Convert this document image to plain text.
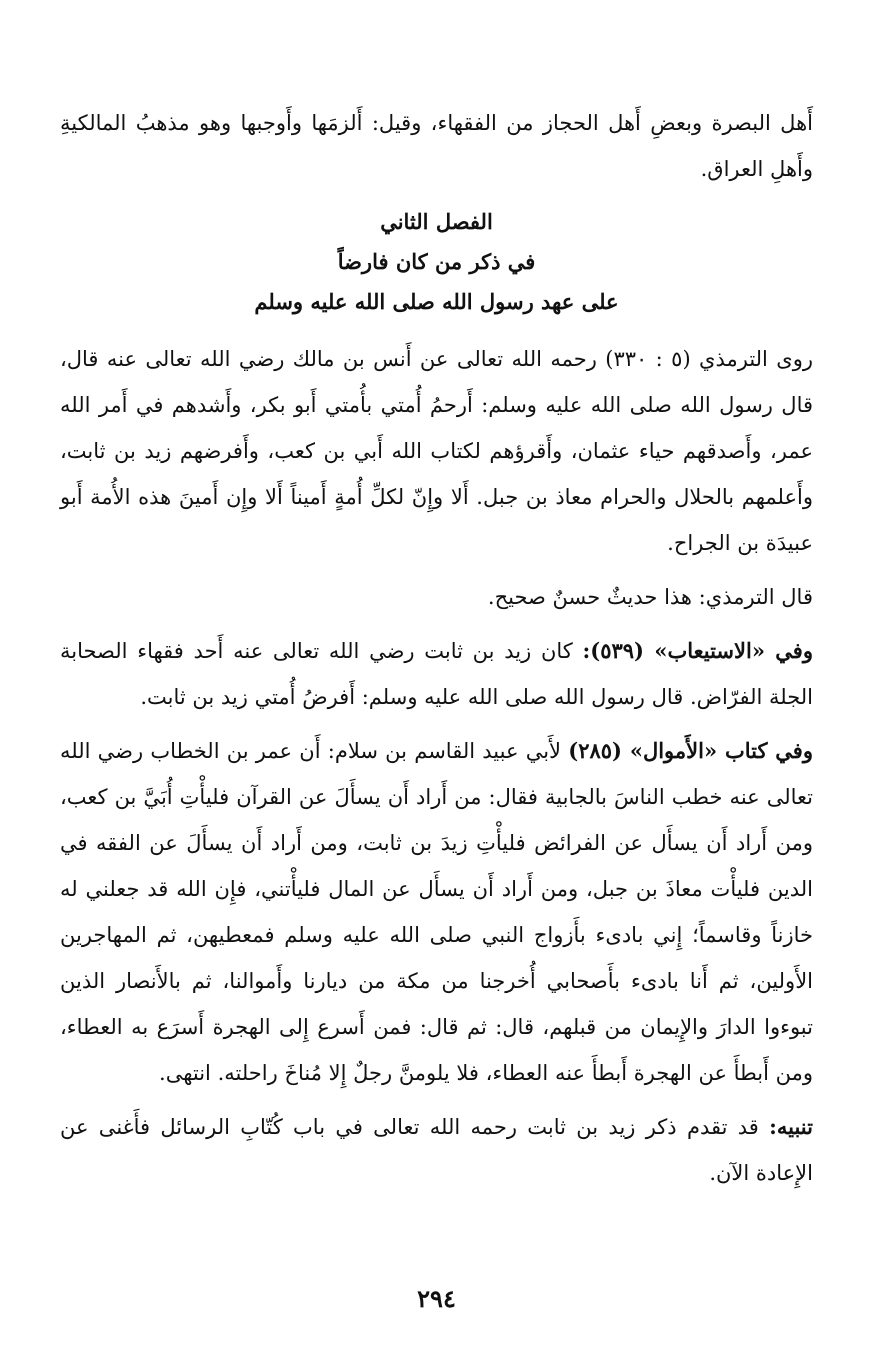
أَهل البصرة وبعضِ أَهل الحجاز من الفقهاء، وقيل: أَلزمَها وأَوجبها وهو مذهبُ المالكيةِ وأَهلِ العراق.

الفصل الثاني
في ذكر من كان فارضاً
على عهد رسول الله صلى الله عليه وسلم

روى الترمذي (٥ : ٣٣٠) رحمه الله تعالى عن أَنس بن مالك رضي الله تعالى عنه قال، قال رسول الله صلى الله عليه وسلم: أَرحمُ أُمتي بأُمتي أَبو بكر، وأَشدهم في أَمر الله عمر، وأَصدقهم حياء عثمان، وأَقرؤهم لكتاب الله أَبي بن كعب، وأَفرضهم زيد بن ثابت، وأَعلمهم بالحلال والحرام معاذ بن جبل. أَلا وإِنّ لكلِّ أُمةٍ أَميناً أَلا وإِن أَمينَ هذه الأُمة أَبو عبيدَة بن الجراح.

قال الترمذي: هذا حديثٌ حسنٌ صحيح.

وفي «الاستيعاب» (٥٣٩): كان زيد بن ثابت رضي الله تعالى عنه أَحد فقهاء الصحابة الجلة الفرّاض. قال رسول الله صلى الله عليه وسلم: أَفرضُ أُمتي زيد بن ثابت.

وفي كتاب «الأَموال» (٢٨٥) لأَبي عبيد القاسم بن سلام: أَن عمر بن الخطاب رضي الله تعالى عنه خطب الناسَ بالجابية فقال: من أَراد أَن يسأَلَ عن القرآن فليأْتِ أُبَيَّ بن كعب، ومن أَراد أَن يسأَل عن الفرائض فليأْتِ زيدَ بن ثابت، ومن أَراد أَن يسأَلَ عن الفقه في الدين فليأْت معاذَ بن جبل، ومن أَراد أَن يسأَل عن المال فليأْتني، فإِن الله قد جعلني له خازناً وقاسماً؛ إِني بادىء بأَزواج النبي صلى الله عليه وسلم فمعطيهن، ثم المهاجرين الأَولين، ثم أَنا بادىء بأَصحابي أُخرجنا من مكة من ديارنا وأَموالنا، ثم بالأَنصار الذين تبوءوا الدارَ والإِيمان من قبلهم، قال: ثم قال: فمن أَسرع إِلى الهجرة أَسرَع به العطاء، ومن أَبطأَ عن الهجرة أَبطأَ عنه العطاء، فلا يلومنَّ رجلٌ إِلا مُناخَ راحلته. انتهى.

تنبيه: قد تقدم ذكر زيد بن ثابت رحمه الله تعالى في باب كُتّابِ الرسائل فأَغنى عن الإِعادة الآن.

٢٩٤
